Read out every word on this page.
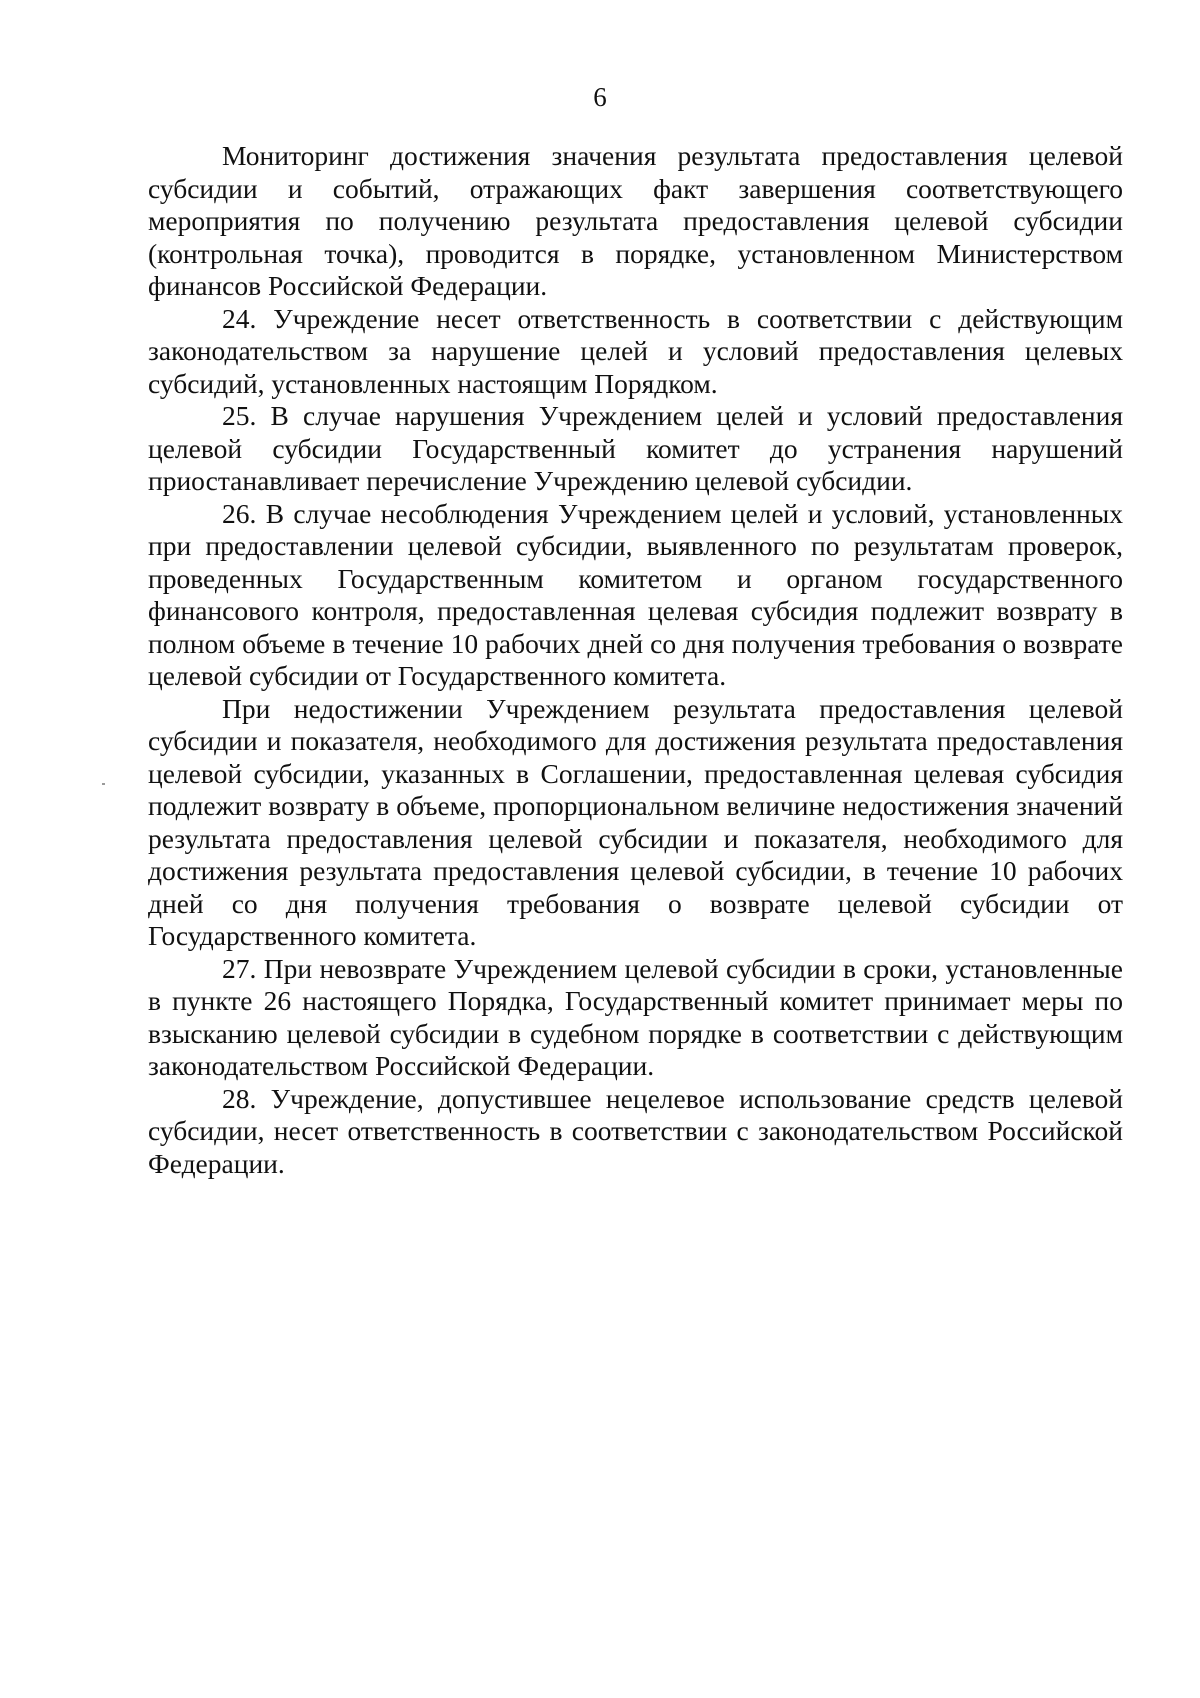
6

Мониторинг достижения значения результата предоставления целевой субсидии и событий, отражающих факт завершения соответствующего мероприятия по получению результата предоставления целевой субсидии (контрольная точка), проводится в порядке, установленном Министерством финансов Российской Федерации.

24. Учреждение несет ответственность в соответствии с действующим законодательством за нарушение целей и условий предоставления целевых субсидий, установленных настоящим Порядком.

25. В случае нарушения Учреждением целей и условий предоставления целевой субсидии Государственный комитет до устранения нарушений приостанавливает перечисление Учреждению целевой субсидии.

26. В случае несоблюдения Учреждением целей и условий, установленных при предоставлении целевой субсидии, выявленного по результатам проверок, проведенных Государственным комитетом и органом государственного финансового контроля, предоставленная целевая субсидия подлежит возврату в полном объеме в течение 10 рабочих дней со дня получения требования о возврате целевой субсидии от Государственного комитета.

При недостижении Учреждением результата предоставления целевой субсидии и показателя, необходимого для достижения результата предоставления целевой субсидии, указанных в Соглашении, предоставленная целевая субсидия подлежит возврату в объеме, пропорциональном величине недостижения значений результата предоставления целевой субсидии и показателя, необходимого для достижения результата предоставления целевой субсидии, в течение 10 рабочих дней со дня получения требования о возврате целевой субсидии от Государственного комитета.

27. При невозврате Учреждением целевой субсидии в сроки, установленные в пункте 26 настоящего Порядка, Государственный комитет принимает меры по взысканию целевой субсидии в судебном порядке в соответствии с действующим законодательством Российской Федерации.

28. Учреждение, допустившее нецелевое использование средств целевой субсидии, несет ответственность в соответствии с законодательством Российской Федерации.
